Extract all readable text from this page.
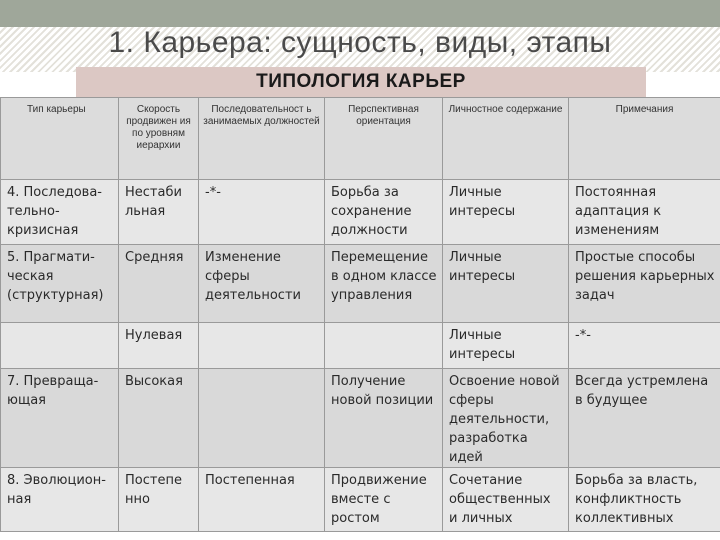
1. Карьера: сущность, виды, этапы
ТИПОЛОГИЯ КАРЬЕР
Тип карьеры	Скорость продвижен ия по уровням иерархии	Последовательност ь занимаемых должностей	Перспективная ориентация	Личностное содержание	Примечания
4. Последова-тельно-кризисная	Нестаби льная	-*-	Борьба за сохранение должности	Личные интересы	Постоянная адаптация к изменениям
5. Прагмати-ческая (структурная)	Средняя	Изменение сферы деятельности	Перемещение в одном классе управления	Личные интересы	Простые способы решения карьерных задач
	Нулевая			Личные интересы	-*-
7. Превраща-ющая	Высокая		Получение новой позиции	Освоение новой сферы деятельности, разработка идей	Всегда устремлена в будущее
8. Эволюцион-ная	Постепе нно	Постепенная	Продвижение вместе с ростом	Сочетание общественных и личных	Борьба за власть, конфликтность коллективных
